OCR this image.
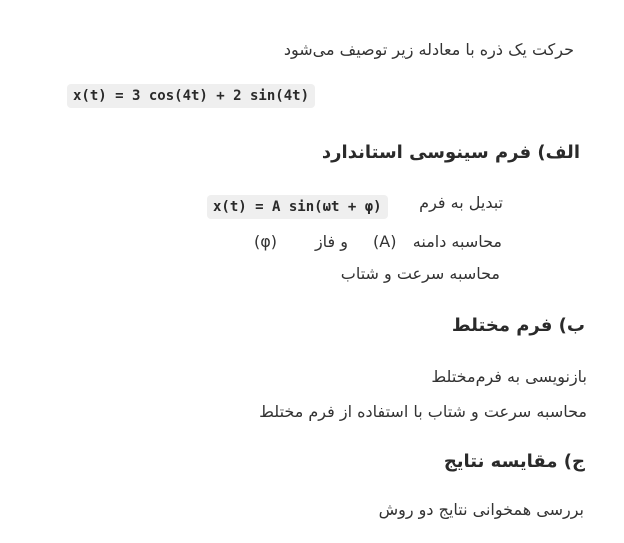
حرکت یک ذره با معادله زیر توصیف می‌شود
x(t) = 3 cos(4t) + 2 sin(4t)
الف) فرم سینوسی استاندارد
تبدیل به فرم
x(t) = A sin(ωt + φ)
محاسبه دامنه
(A)
و فاز
(φ)
محاسبه سرعت و شتاب
ب) فرم مختلط
بازنویسی به فرم‌مختلط
محاسبه سرعت و شتاب با استفاده از فرم مختلط
ج) مقایسه نتایج
بررسی همخوانی نتایج دو روش
